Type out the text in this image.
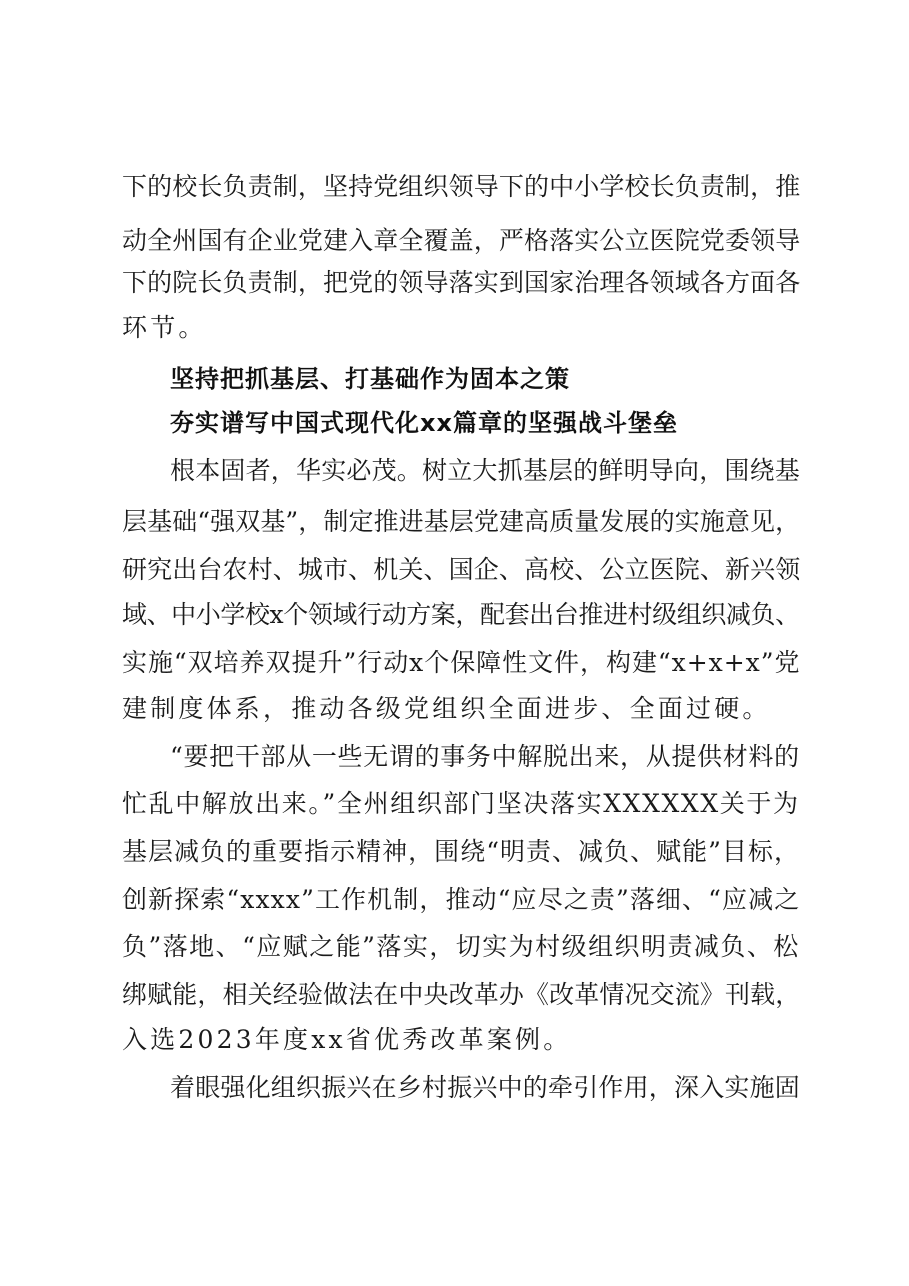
下的校长负责制，坚持党组织领导下的中小学校长负责制，推
动全州国有企业党建入章全覆盖，严格落实公立医院党委领导
下的院长负责制，把党的领导落实到国家治理各领域各方面各
环节。
坚持把抓基层、打基础作为固本之策
夯实谱写中国式现代化xx篇章的坚强战斗堡垒
根本固者，华实必茂。树立大抓基层的鲜明导向，围绕基
层基础“强双基”，制定推进基层党建高质量发展的实施意见，
研究出台农村、城市、机关、国企、高校、公立医院、新兴领
域、中小学校x个领域行动方案，配套出台推进村级组织减负、
实施“双培养双提升”行动x个保障性文件，构建“x+x+x”党
建制度体系，推动各级党组织全面进步、全面过硬。
“要把干部从一些无谓的事务中解脱出来，从提供材料的
忙乱中解放出来。”全州组织部门坚决落实XXXXXX关于为
基层减负的重要指示精神，围绕“明责、减负、赋能”目标，
创新探索“xxxx”工作机制，推动“应尽之责”落细、“应减之
负”落地、“应赋之能”落实，切实为村级组织明责减负、松
绑赋能，相关经验做法在中央改革办《改革情况交流》刊载，
入选2023年度xx省优秀改革案例。
着眼强化组织振兴在乡村振兴中的牵引作用，深入实施固
